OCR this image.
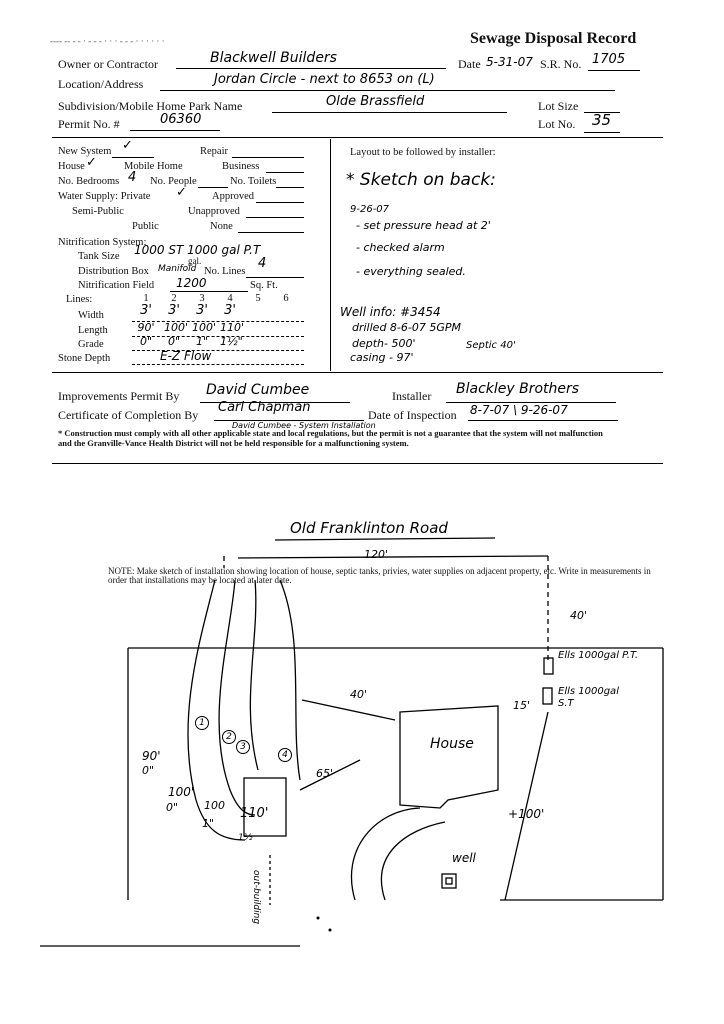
---- -- - - · - - - · · · - - - · · · · · ·	Sewage Disposal Record
Owner or Contractor	Blackwell Builders	Date 5-31-07 S.R. No. 1705
Location/Address	Jordan Circle - next to 8653 on (L)
Subdivision/Mobile Home Park Name	Olde Brassfield	Lot Size
Permit No. #	06360	Lot No. 35
New System ✓	Repair
House ✓	Mobile Home	Business
No. Bedrooms 4 No. People	No. Toilets
Water Supply: Private ✓ Approved
Semi-Public	Unapproved
Public	None
Nitrification System:
Tank Size 1000 ST 1000 gal P.T
gal.
Distribution Box Manifold No. Lines
4
Nitrification Field 1200	Sq. Ft.
Lines:	1	2	3	4	5	6
Width	3'	3'	3'	3'
Length	90' 100' 100' 110'
Grade	0"	0"	1"	1½"
Stone Depth	E-Z Flow
Layout to be followed by installer:
* Sketch on back:
9-26-07
- set pressure head at 2'
- checked alarm
- everything sealed.
Well info: #3454
drilled 8-6-07 5GPM
depth- 500'	Septic 40'
casing - 97'
Improvements Permit By David Cumbee	Installer Blackley Brothers
Certificate of Completion By Carl Chapman
David Cumbee - System Installation
Date of Inspection 8-7-07 \ 9-26-07
* Construction must comply with all other applicable state and local regulations, but the permit is not a guarantee that the system will not malfunction and the Granville-Vance Health District will not be held responsible for a malfunctioning system.
Old Franklinton Road
120'
NOTE: Make sketch of installation showing location of house, septic tanks, privies, water supplies on adjacent property, etc. Write in measurements in order that installations may be located at later date.
40'
Ells 1000gal P.T.
Ells 1000gal S.T
15'
40'
House
65'
1
2
3
4
90'
0"
100'
0" 100
1"
110'
1½
out-building
+100'
well
